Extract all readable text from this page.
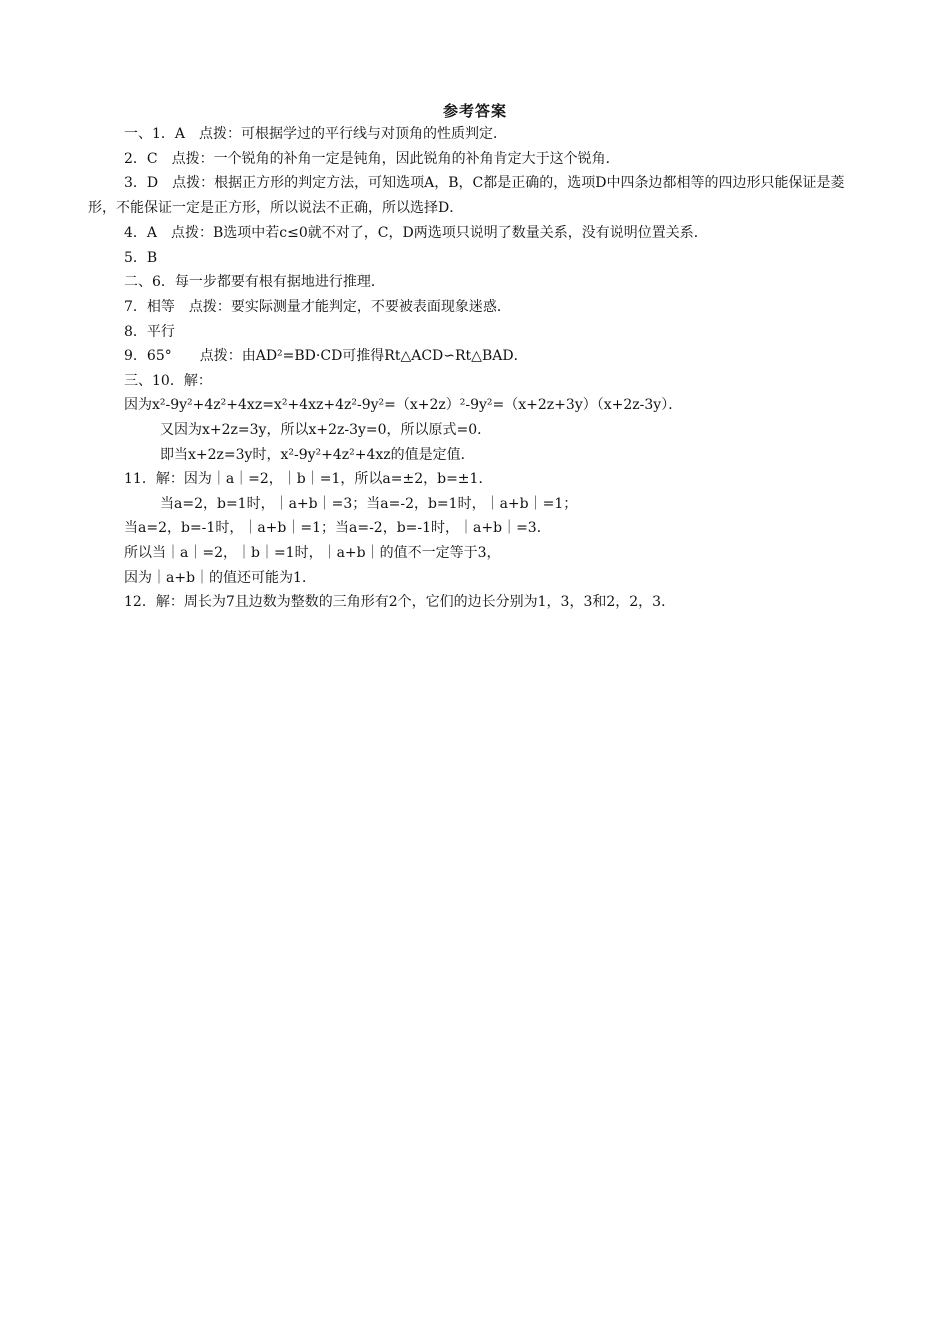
参考答案
一、1．A　点拨：可根据学过的平行线与对顶角的性质判定．
2．C　点拨：一个锐角的补角一定是钝角，因此锐角的补角肯定大于这个锐角．
3．D　点拨：根据正方形的判定方法，可知选项A，B，C都是正确的，选项D中四条边都相等的四边形只能保证是菱形，不能保证一定是正方形，所以说法不正确，所以选择D．
4．A　点拨：B选项中若c≤0就不对了，C，D两选项只说明了数量关系，没有说明位置关系．
5．B
二、6．每一步都要有根有据地进行推理．
7．相等　点拨：要实际测量才能判定，不要被表面现象迷惑．
8．平行
9．65°　　点拨：由AD²=BD·CD可推得Rt△ACD∽Rt△BAD．
三、10．解：
因为x²-9y²+4z²+4xz=x²+4xz+4z²-9y²=（x+2z）²-9y²=（x+2z+3y）（x+2z-3y）．
又因为x+2z=3y，所以x+2z-3y=0，所以原式=0．
即当x+2z=3y时，x²-9y²+4z²+4xz的值是定值．
11．解：因为｜a｜=2，｜b｜=1，所以a=±2，b=±1．
当a=2，b=1时，｜a+b｜=3；当a=-2，b=1时，｜a+b｜=1；
当a=2，b=-1时，｜a+b｜=1；当a=-2，b=-1时，｜a+b｜=3．
所以当｜a｜=2，｜b｜=1时，｜a+b｜的值不一定等于3，
因为｜a+b｜的值还可能为1．
12．解：周长为7且边数为整数的三角形有2个，它们的边长分别为1，3，3和2，2，3．
